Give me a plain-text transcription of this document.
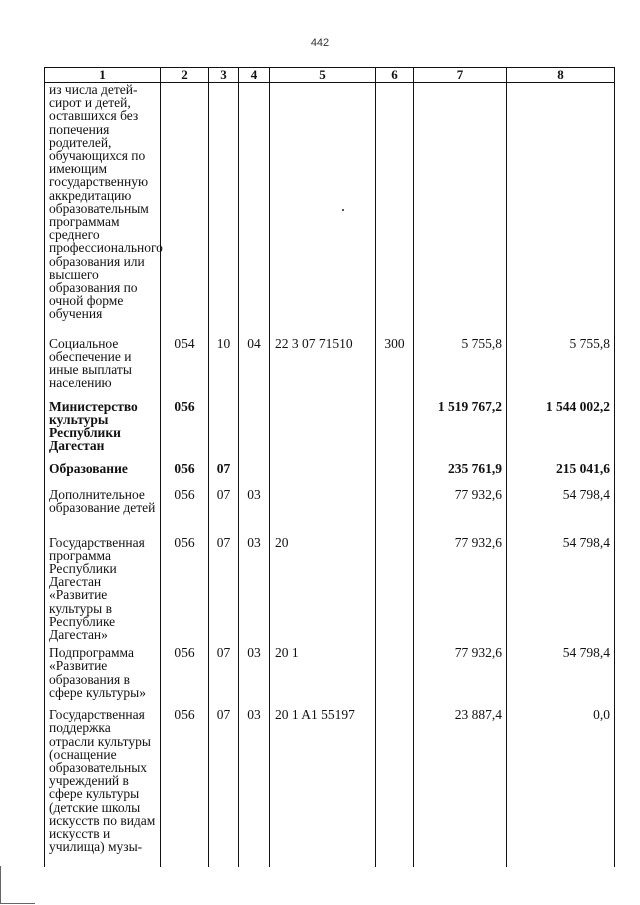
442
1	2	3	4	5	6	7	8
из числа детей-сирот и детей, оставшихся без попечения родителей, обучающихся по имеющим государственную аккредитацию образовательным программам среднего профессионального образования или высшего образования по очной форме обучения							
Социальное обеспечение и иные выплаты населению	054	10	04	22 3 07 71510	300	5 755,8	5 755,8
Министерство культуры Республики Дагестан	056					1 519 767,2	1 544 002,2
Образование	056	07				235 761,9	215 041,6
Дополнительное образование детей	056	07	03			77 932,6	54 798,4
Государственная программа Республики Дагестан «Развитие культуры в Республике Дагестан»	056	07	03	20		77 932,6	54 798,4
Подпрограмма «Развитие образования в сфере культуры»	056	07	03	20 1		77 932,6	54 798,4
Государственная поддержка отрасли культуры (оснащение образовательных учреждений в сфере культуры (детские школы искусств по видам искусств и училища) музы-	056	07	03	20 1 A1 55197		23 887,4	0,0
